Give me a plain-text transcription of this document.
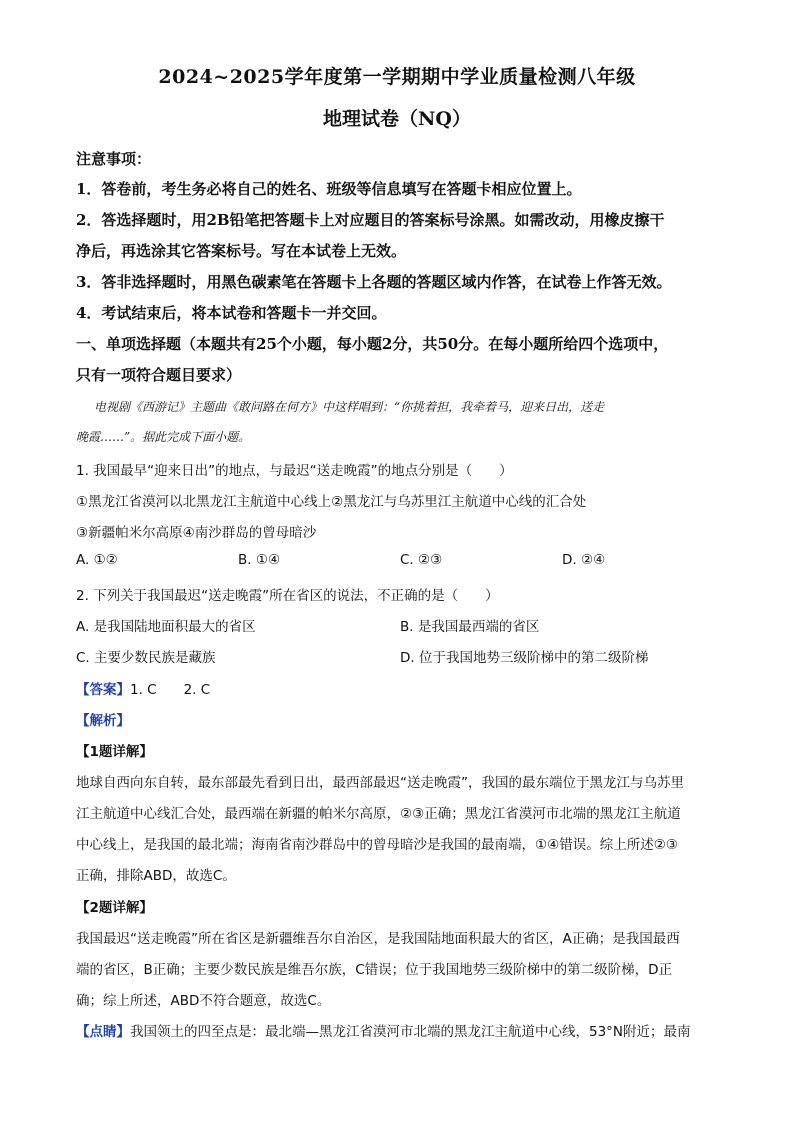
2024~2025学年度第一学期期中学业质量检测八年级
地理试卷（NQ）
注意事项：
1．答卷前，考生务必将自己的姓名、班级等信息填写在答题卡相应位置上。
2．答选择题时，用2B铅笔把答题卡上对应题目的答案标号涂黑。如需改动，用橡皮擦干
净后，再选涂其它答案标号。写在本试卷上无效。
3．答非选择题时，用黑色碳素笔在答题卡上各题的答题区域内作答，在试卷上作答无效。
4．考试结束后，将本试卷和答题卡一并交回。
一、单项选择题（本题共有25个小题，每小题2分，共50分。在每小题所给四个选项中，
只有一项符合题目要求）
电视剧《西游记》主题曲《敢问路在何方》中这样唱到：“你挑着担，我牵着马，迎来日出，送走
晚霞……”。据此完成下面小题。
1. 我国最早“迎来日出”的地点，与最迟“送走晚霞”的地点分别是（　　）
①黑龙江省漠河以北黑龙江主航道中心线上②黑龙江与乌苏里江主航道中心线的汇合处
③新疆帕米尔高原④南沙群岛的曾母暗沙
A. ①②	B. ①④	C. ②③	D. ②④
2. 下列关于我国最迟“送走晚霞”所在省区的说法，不正确的是（　　）
A. 是我国陆地面积最大的省区	B. 是我国最西端的省区
C. 主要少数民族是藏族	D. 位于我国地势三级阶梯中的第二级阶梯
【答案】1. C　　2. C
【解析】
【1题详解】
地球自西向东自转，最东部最先看到日出，最西部最迟“送走晚霞”，我国的最东端位于黑龙江与乌苏里
江主航道中心线汇合处，最西端在新疆的帕米尔高原，②③正确；黑龙江省漠河市北端的黑龙江主航道
中心线上，是我国的最北端；海南省南沙群岛中的曾母暗沙是我国的最南端，①④错误。综上所述②③
正确，排除ABD，故选C。
【2题详解】
我国最迟“送走晚霞”所在省区是新疆维吾尔自治区，是我国陆地面积最大的省区，A正确；是我国最西
端的省区，B正确；主要少数民族是维吾尔族，C错误；位于我国地势三级阶梯中的第二级阶梯，D正
确；综上所述，ABD不符合题意，故选C。
【点睛】我国领土的四至点是：最北端—黑龙江省漠河市北端的黑龙江主航道中心线，53°N附近；最南
